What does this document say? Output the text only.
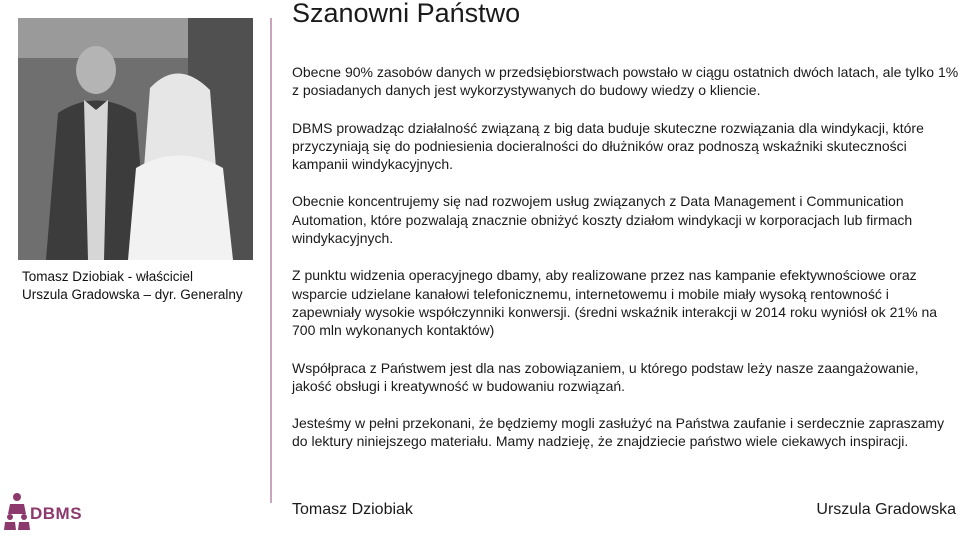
Tomasz Dziobiak - właściciel
Urszula Gradowska – dyr. Generalny
Szanowni Państwo

Obecne 90% zasobów danych w przedsiębiorstwach powstało w ciągu ostatnich dwóch latach, ale tylko 1% z posiadanych danych jest wykorzystywanych do budowy wiedzy o kliencie.

DBMS prowadząc działalność związaną z big data buduje skuteczne rozwiązania dla windykacji, które przyczyniają się do podniesienia docieralności do dłużników oraz podnoszą wskaźniki skuteczności kampanii windykacyjnych.

Obecnie koncentrujemy się nad rozwojem usług związanych z Data Management i Communication Automation, które pozwalają znacznie obniżyć koszty działom windykacji w korporacjach lub firmach windykacyjnych.

Z punktu widzenia operacyjnego dbamy, aby realizowane przez nas kampanie efektywnościowe oraz wsparcie udzielane kanałowi telefonicznemu, internetowemu i mobile miały wysoką rentowność i zapewniały wysokie współczynniki konwersji. (średni wskaźnik interakcji w 2014 roku wyniósł ok 21% na 700 mln wykonanych kontaktów)

Współpraca z Państwem jest dla nas zobowiązaniem, u którego podstaw leży nasze zaangażowanie, jakość obsługi i kreatywność w budowaniu rozwiązań.

Jesteśmy w pełni przekonani, że będziemy mogli zasłużyć na Państwa zaufanie i serdecznie zapraszamy do lektury niniejszego materiału. Mamy nadzieję, że znajdziecie państwo wiele ciekawych inspiracji.

Tomasz Dziobiak	Urszula Gradowska
DBMS
